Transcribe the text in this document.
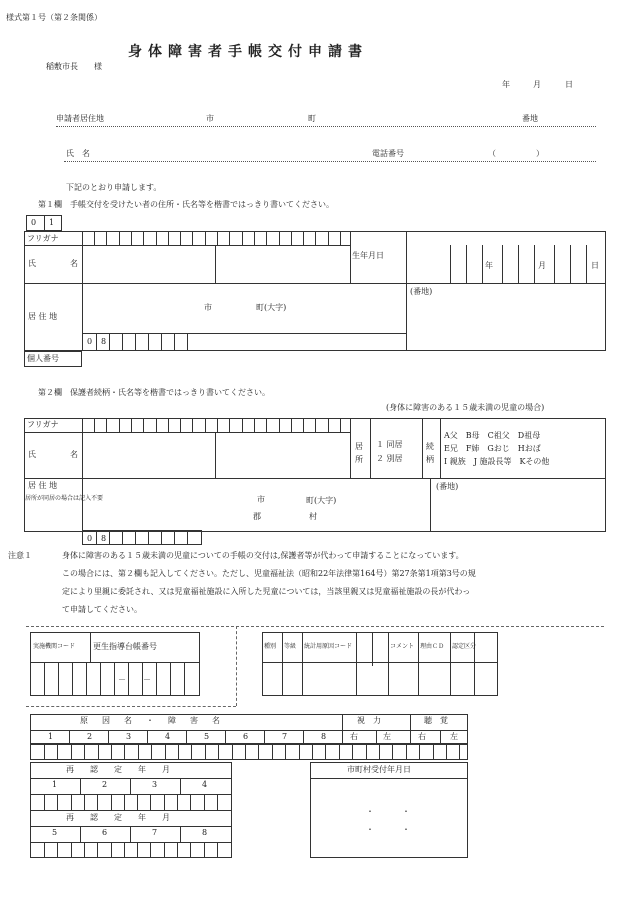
様式第１号（第２条関係）
身体障害者手帳交付申請書
稲敷市長　　様
年	月	日
申請者居住地	市	町	番地
氏　名	電話番号	（　　　　　）
下記のとおり申請します。
第１欄　手帳交付を受けたい者の住所・氏名等を楷書ではっきり書いてください。
0 1
フリガナ
氏　　名
生年月日
年	月	日
居 住 地
市	町(大字)
(番地)
0 8
個人番号
第２欄　保護者続柄・氏名等を楷書ではっきり書いてください。
(身体に障害のある１５歳未満の児童の場合)
フリガナ
氏　　名
居所
１ 同居
２ 別居
続柄
A父　B母　C祖父　D祖母
E兄　F姉　Gおじ　Hおば
I 親族　J 施設長等　Kその他
居 住 地
居所が同居の場合は記入不要	市	町(大字)
郡	村
(番地)
0 8
注意１	身体に障害のある１５歳未満の児童についての手帳の交付は,保護者等が代わって申請することになっています。
この場合には、第２欄も記入してください。ただし、児童福祉法（昭和22年法律第164号）第27条第1項第3号の規
定により里親に委託され、又は児童福祉施設に入所した児童については，当該里親又は児童福祉施設の長が代わっ
て申請してください。
実施機関コード 更生指導台帳番号
－ －
種別 等級 統計用原因コード	コメント 理由ＣＤ 認定区分
原　因　名　・　障　害　名	視　力	聴　覚
1	2	3	4	5	6	7	8	右	左	右	左
再　認　定　年　月
再　認　定　年　月
1	2	3	4
5	6	7	8
市町村受付年月日
・　　・
・　　・
